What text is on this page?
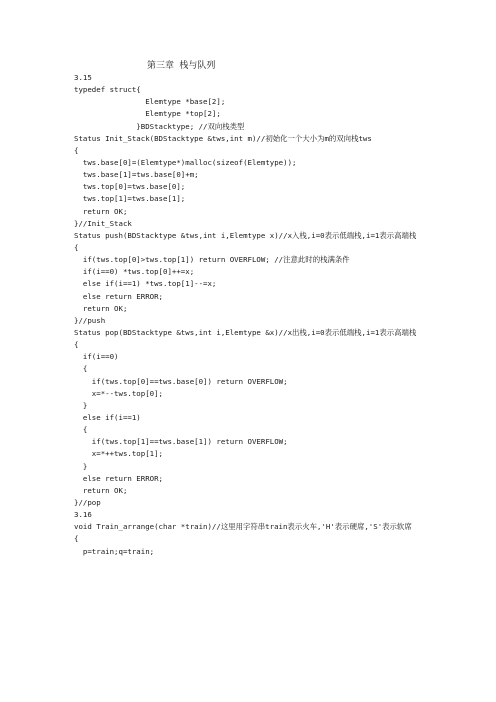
第三章 栈与队列
3.15
typedef struct{
Elemtype *base[2];
Elemtype *top[2];
}BDStacktype; //双向栈类型
Status Init_Stack(BDStacktype &tws,int m)//初始化一个大小为m的双向栈tws
{
tws.base[0]=(Elemtype*)malloc(sizeof(Elemtype));
tws.base[1]=tws.base[0]+m;
tws.top[0]=tws.base[0];
tws.top[1]=tws.base[1];
return OK;
}//Init_Stack
Status push(BDStacktype &tws,int i,Elemtype x)//x入栈,i=0表示低端栈,i=1表示高端栈
{
if(tws.top[0]>tws.top[1]) return OVERFLOW; //注意此时的栈满条件
if(i==0) *tws.top[0]++=x;
else if(i==1) *tws.top[1]--=x;
else return ERROR;
return OK;
}//push
Status pop(BDStacktype &tws,int i,Elemtype &x)//x出栈,i=0表示低端栈,i=1表示高端栈
{
if(i==0)
{
if(tws.top[0]==tws.base[0]) return OVERFLOW;
x=*--tws.top[0];
}
else if(i==1)
{
if(tws.top[1]==tws.base[1]) return OVERFLOW;
x=*++tws.top[1];
}
else return ERROR;
return OK;
}//pop
3.16
void Train_arrange(char *train)//这里用字符串train表示火车,'H'表示硬席,'S'表示软席
{
p=train;q=train;
